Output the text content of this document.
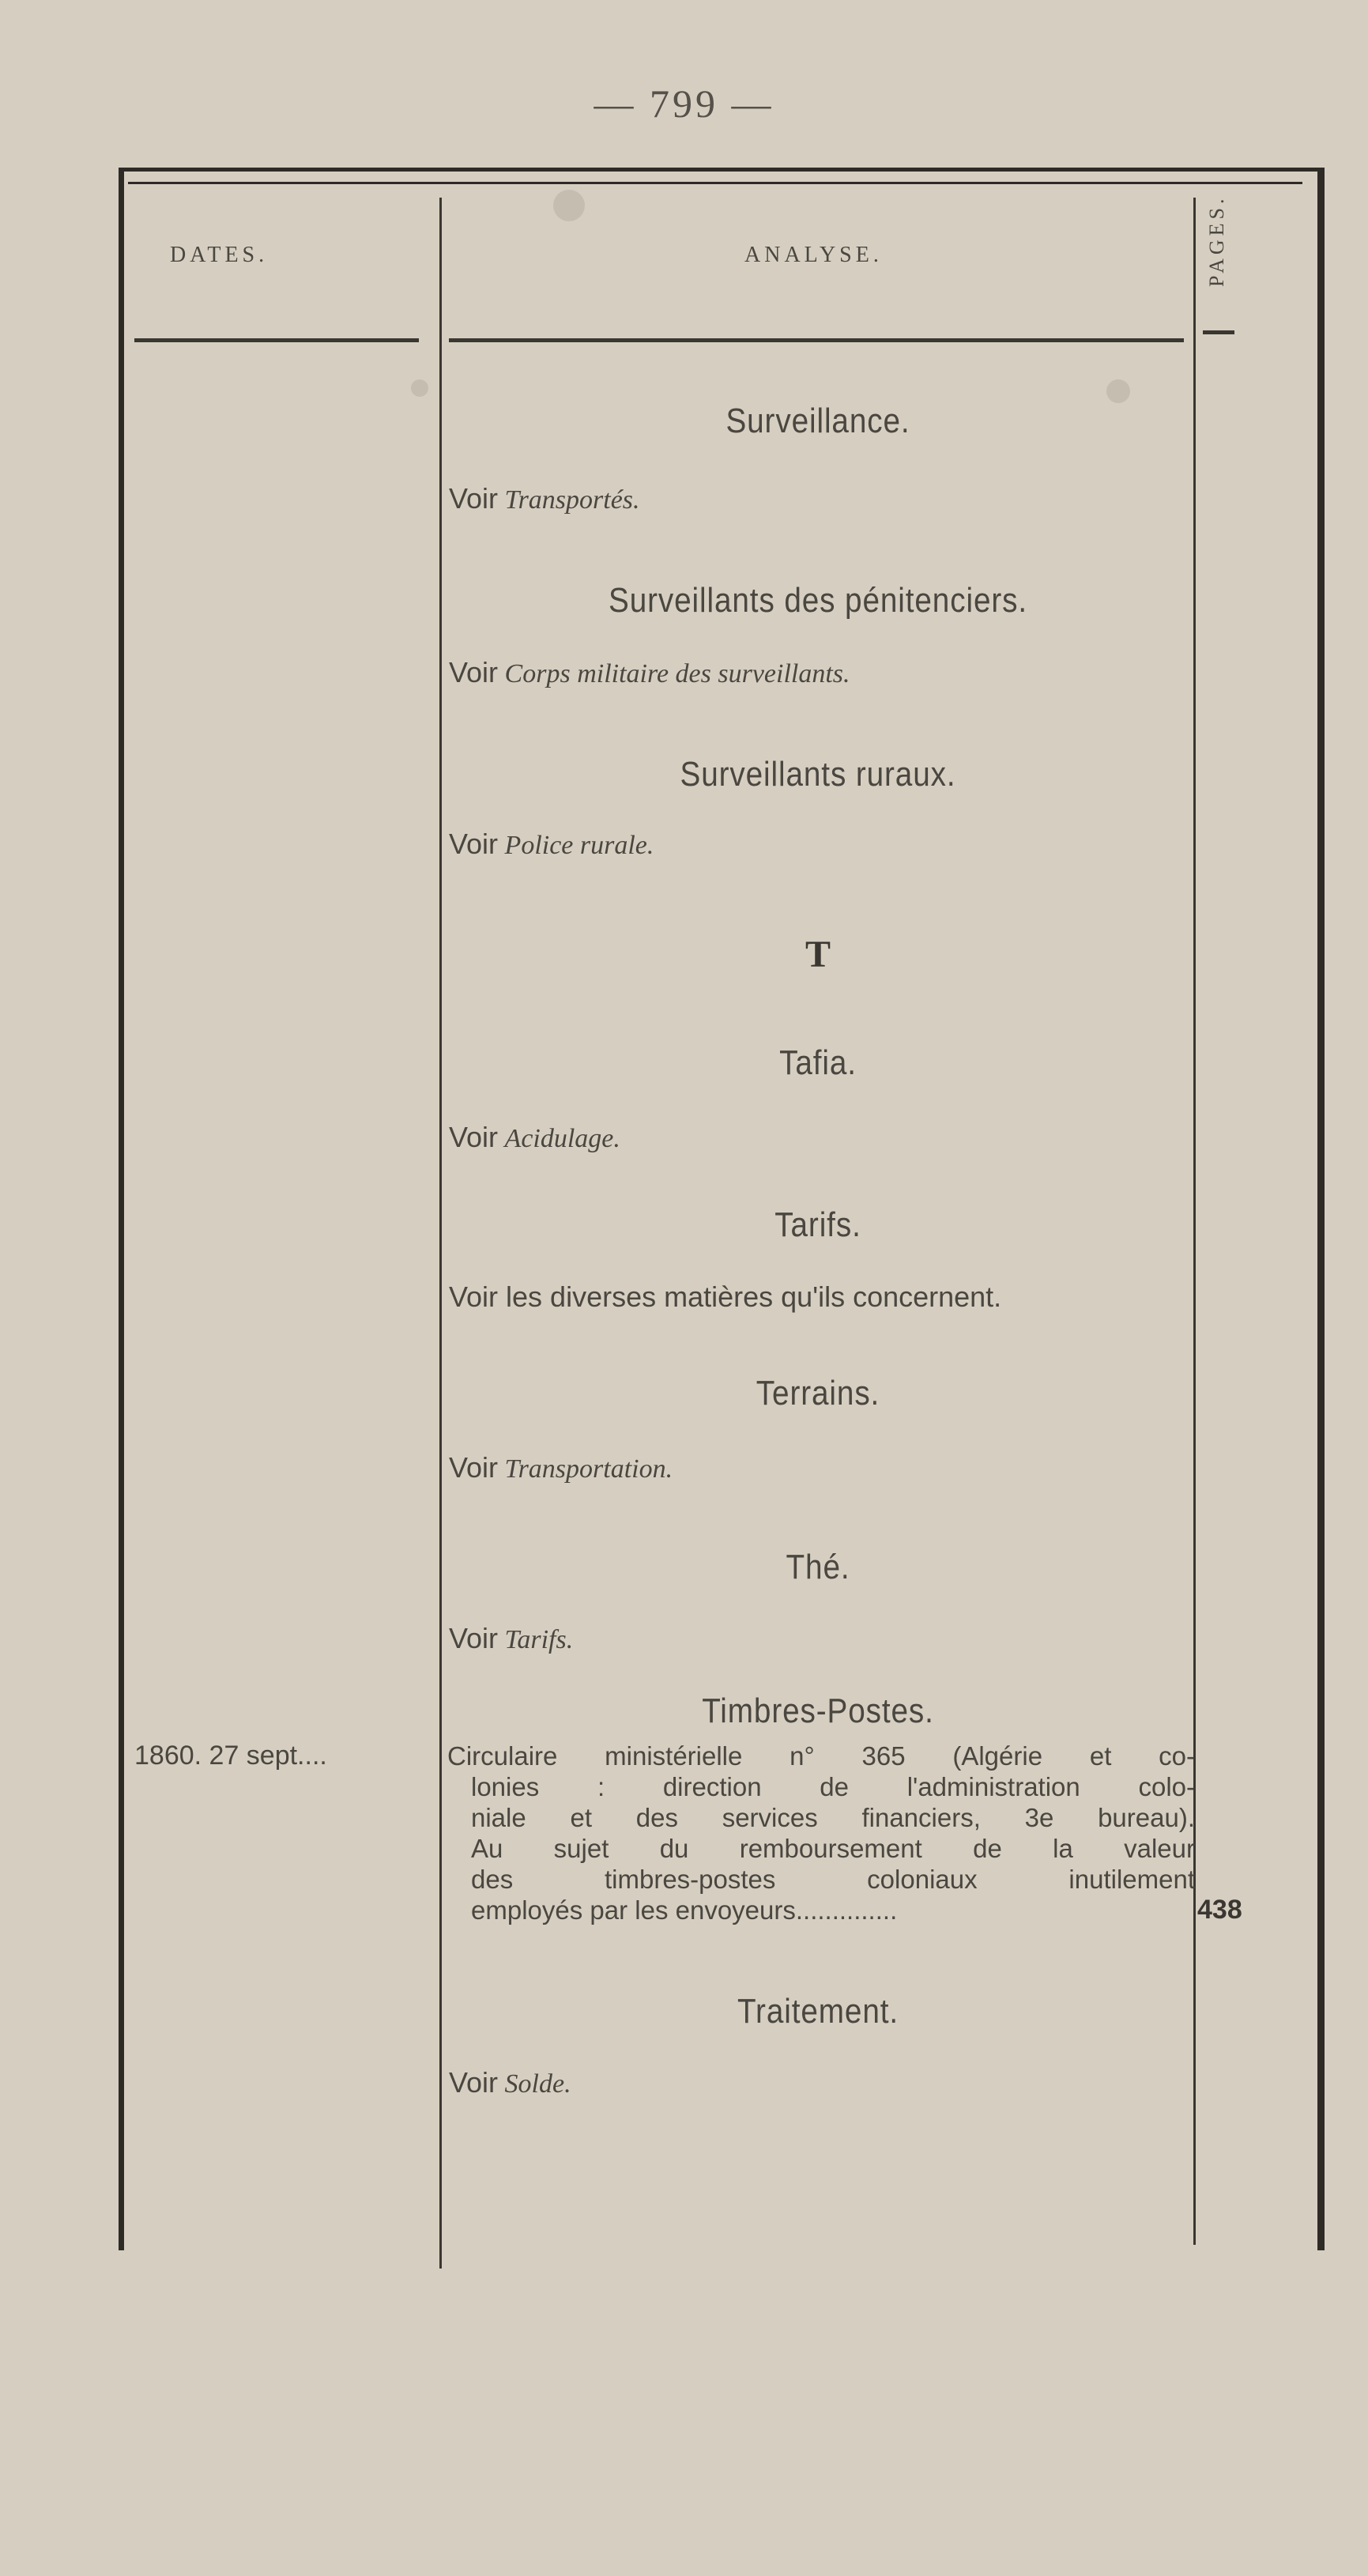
— 799 —
DATES.	ANALYSE.	PAGES.
Surveillance.
Voir Transportés.
Surveillants des pénitenciers.
Voir Corps militaire des surveillants.
Surveillants ruraux.
Voir Police rurale.
T
Tafia.
Voir Acidulage.
Tarifs.
Voir les diverses matières qu'ils concernent.
Terrains.
Voir Transportation.
Thé.
Voir Tarifs.
Timbres-Postes.
1860. 27 sept....	Circulaire ministérielle n° 365 (Algérie et co-
lonies : direction de l'administration colo-
niale et des services financiers, 3e bureau).
Au sujet du remboursement de la valeur
des timbres-postes coloniaux inutilement
employés par les envoyeurs..............	438
Traitement.
Voir Solde.
